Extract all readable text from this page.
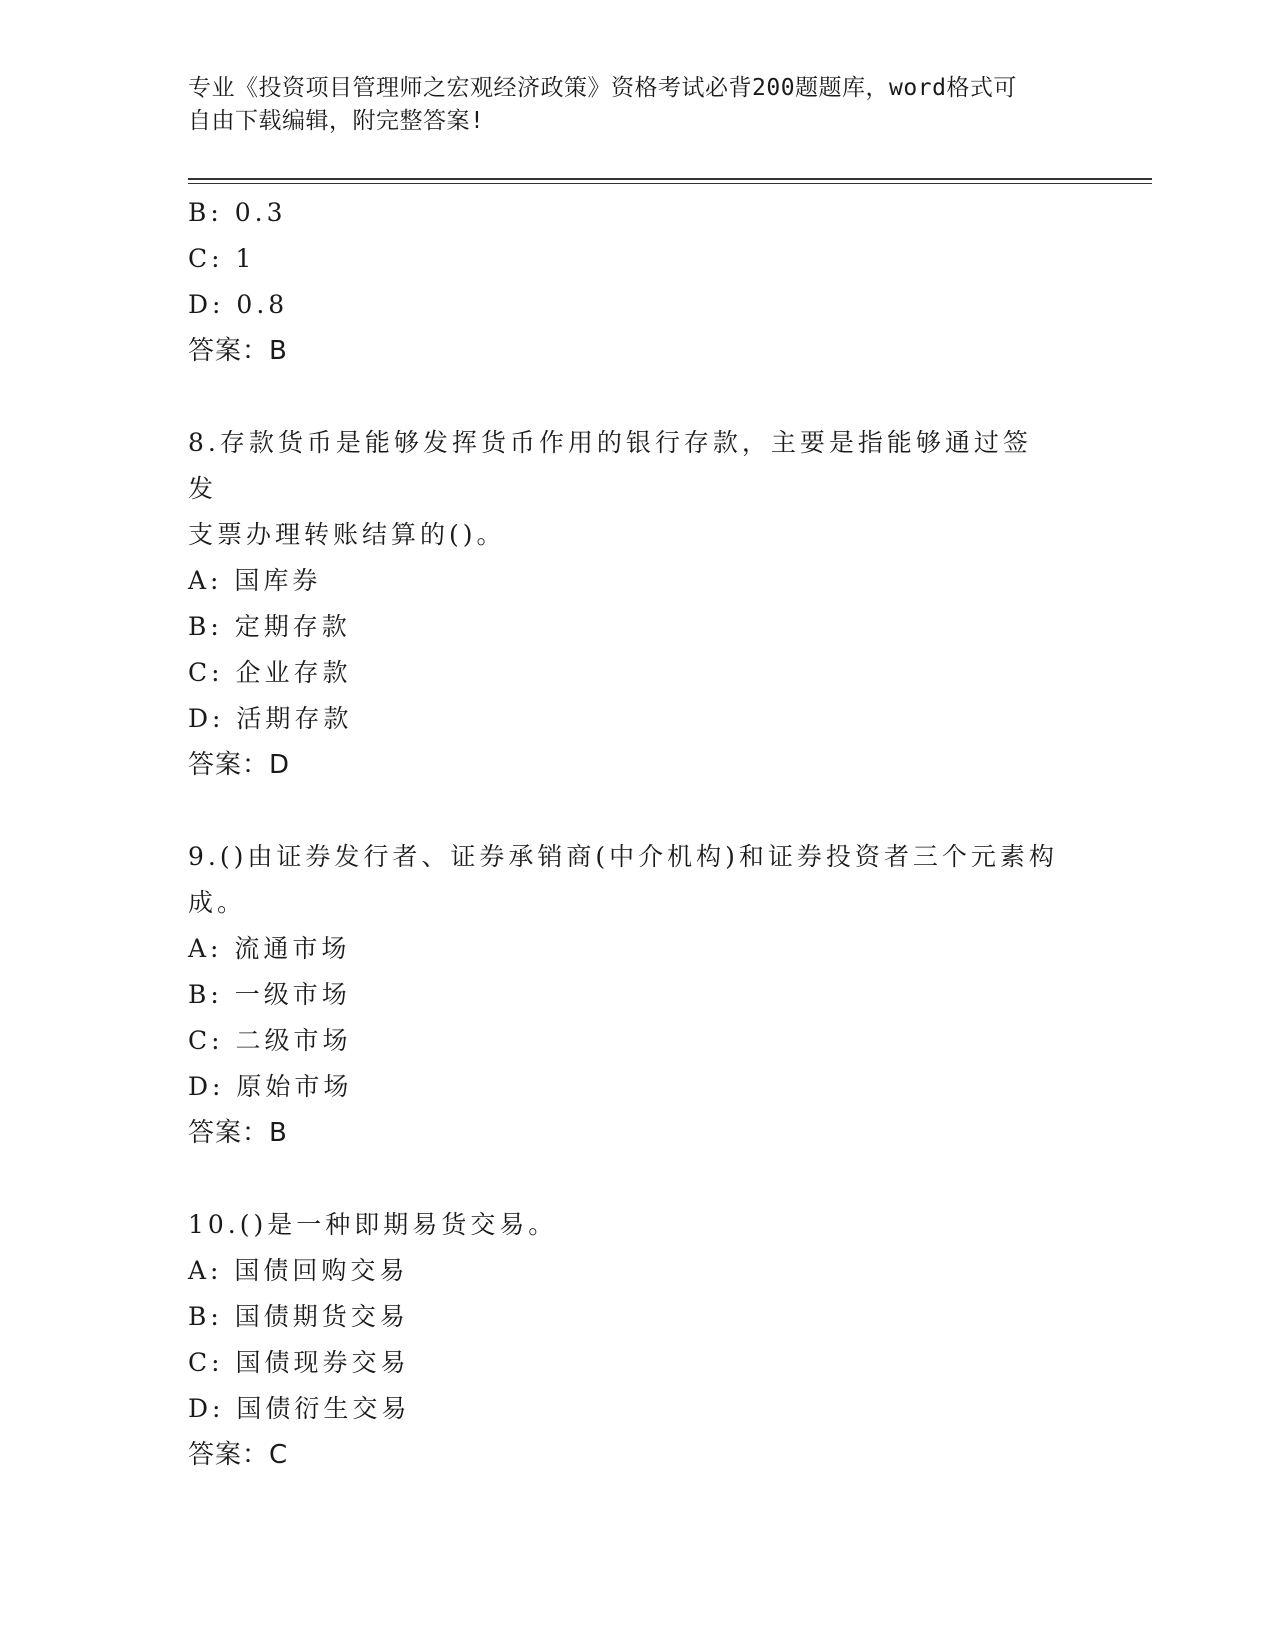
专业《投资项目管理师之宏观经济政策》资格考试必背200题题库，word格式可
自由下载编辑，附完整答案!
B: 0.3
C: 1
D: 0.8
答案：B
8.存款货币是能够发挥货币作用的银行存款，主要是指能够通过签发
支票办理转账结算的()。
A: 国库券
B: 定期存款
C: 企业存款
D: 活期存款
答案：D
9.()由证券发行者、证券承销商(中介机构)和证券投资者三个元素构
成。
A: 流通市场
B: 一级市场
C: 二级市场
D: 原始市场
答案：B
10.()是一种即期易货交易。
A: 国债回购交易
B: 国债期货交易
C: 国债现券交易
D: 国债衍生交易
答案：C
